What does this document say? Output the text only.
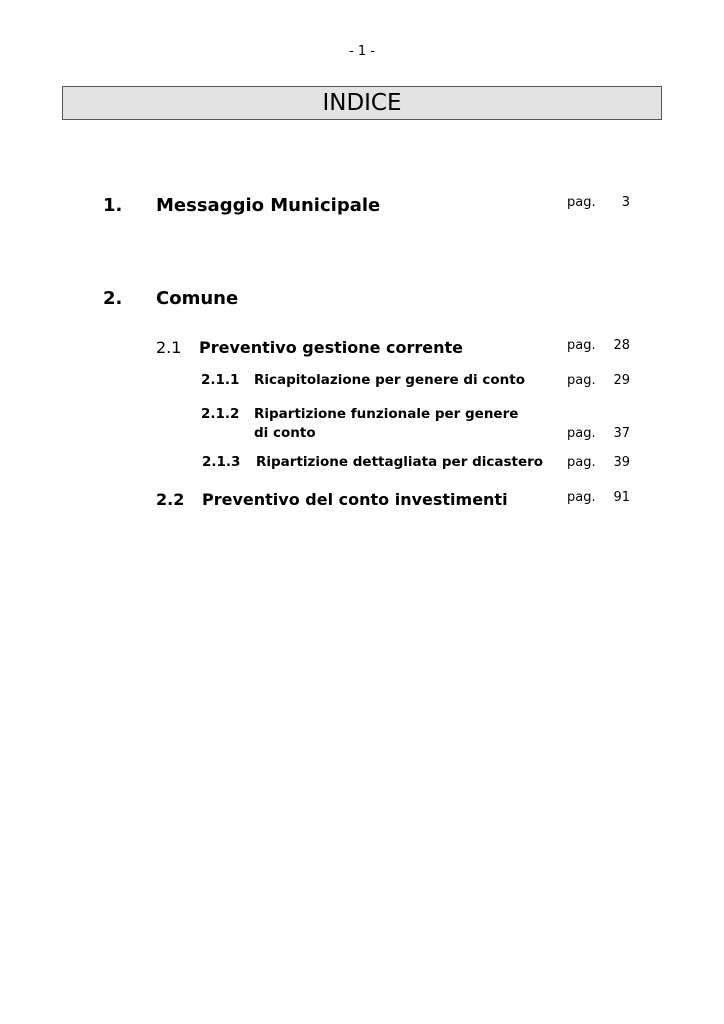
- 1 -
INDICE
1. Messaggio Municipale	pag.	3
2. Comune
2.1 Preventivo gestione corrente	pag.	28
2.1.1 Ricapitolazione per genere di conto	pag.	29
2.1.2 Ripartizione funzionale per genere
di conto	pag.	37
2.1.3 Ripartizione dettagliata per dicastero pag.	39
2.2 Preventivo del conto investimenti	pag.	91
